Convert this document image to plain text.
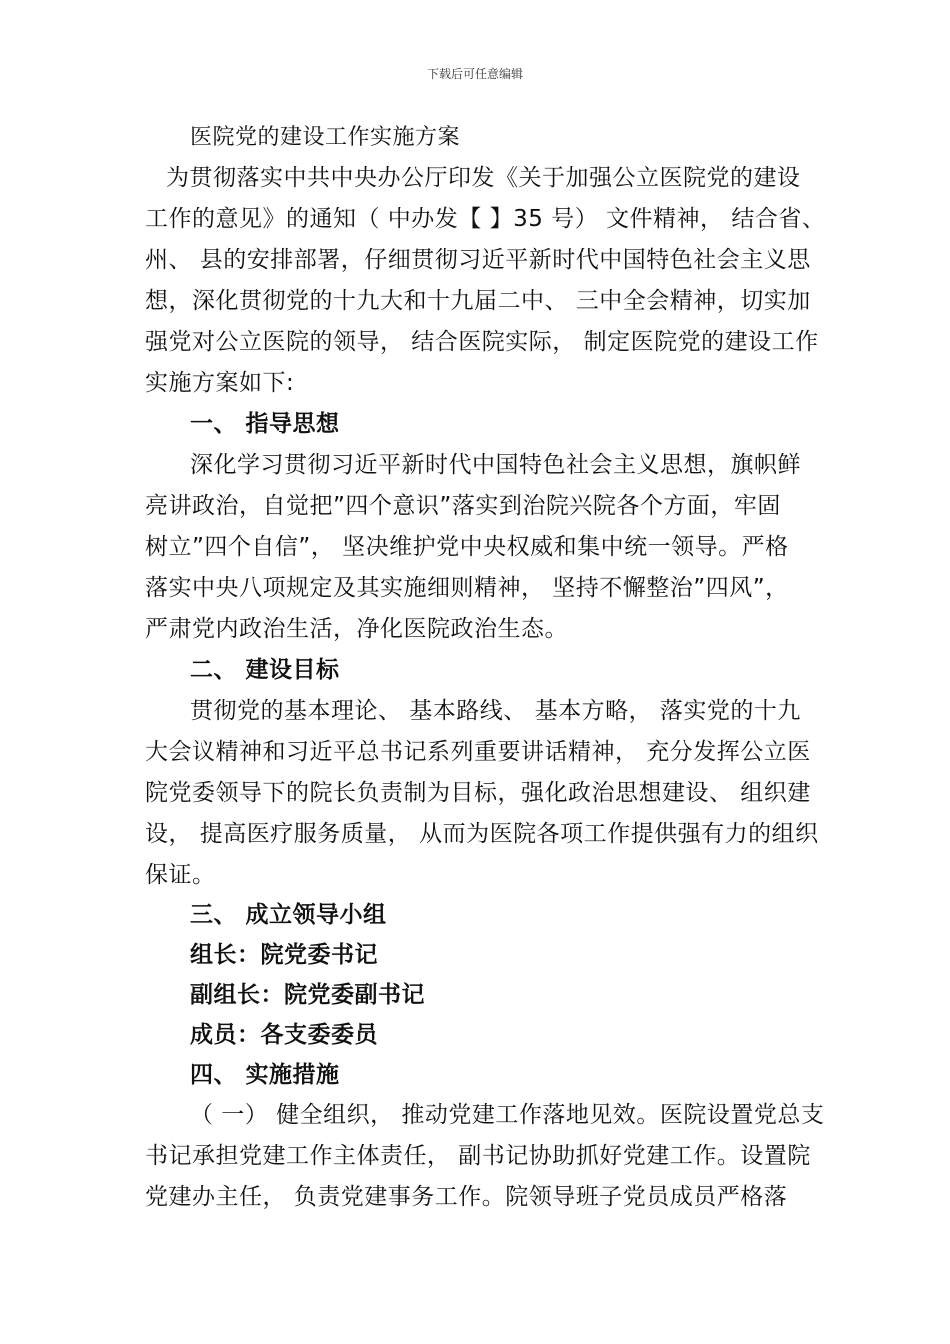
下载后可任意编辑
医院党的建设工作实施方案
为贯彻落实中共中央办公厅印发《关于加强公立医院党的建设
工作的意见》的通知（ 中办发【 】35 号） 文件精神， 结合省、
州、 县的安排部署，仔细贯彻习近平新时代中国特色社会主义思
想，深化贯彻党的十九大和十九届二中、 三中全会精神，切实加
强党对公立医院的领导， 结合医院实际， 制定医院党的建设工作
实施方案如下:
一、 指导思想
深化学习贯彻习近平新时代中国特色社会主义思想，旗帜鲜
亮讲政治，自觉把”四个意识”落实到治院兴院各个方面，牢固
树立”四个自信”， 坚决维护党中央权威和集中统一领导。严格
落实中央八项规定及其实施细则精神， 坚持不懈整治”四风”，
严肃党内政治生活，净化医院政治生态。
二、 建设目标
贯彻党的基本理论、 基本路线、 基本方略， 落实党的十九
大会议精神和习近平总书记系列重要讲话精神， 充分发挥公立医
院党委领导下的院长负责制为目标，强化政治思想建设、 组织建
设， 提高医疗服务质量， 从而为医院各项工作提供强有力的组织
保证。
三、 成立领导小组
组长：院党委书记
副组长：院党委副书记
成员：各支委委员
四、 实施措施
（ 一） 健全组织， 推动党建工作落地见效。医院设置党总支
书记承担党建工作主体责任， 副书记协助抓好党建工作。设置院
党建办主任， 负责党建事务工作。院领导班子党员成员严格落
